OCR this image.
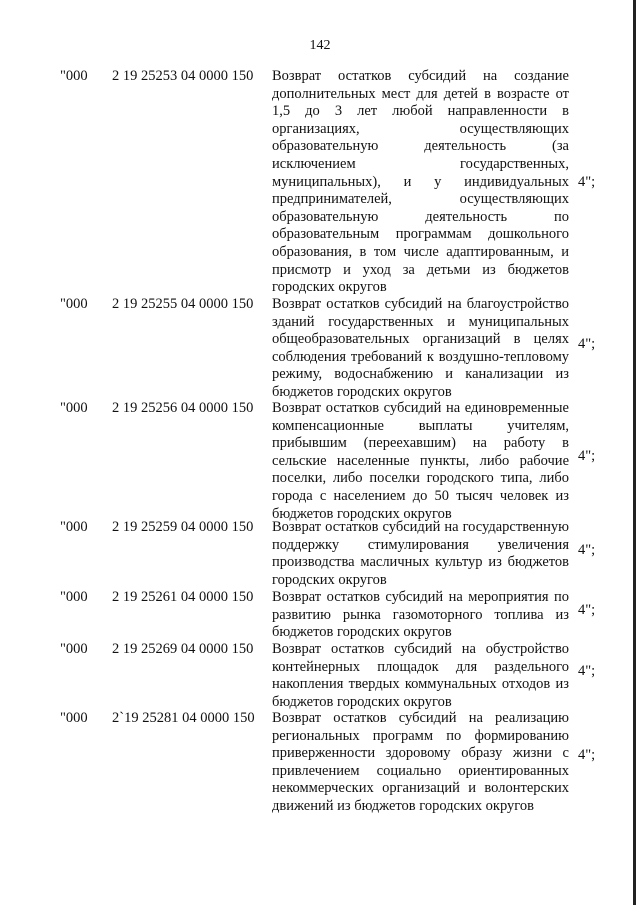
142
"000 2 19 25253 04 0000 150 Возврат остатков субсидий на создание дополнительных мест для детей в возрасте от 1,5 до 3 лет любой направленности в организациях, осуществляющих образовательную деятельность (за исключением государственных, муниципальных), и у индивидуальных предпринимателей, осуществляющих образовательную деятельность по образовательным программам дошкольного образования, в том числе адаптированным, и присмотр и уход за детьми из бюджетов городских округов
4";
"000 2 19 25255 04 0000 150 Возврат остатков субсидий на благоустройство зданий государственных и муниципальных общеобразовательных организаций в целях соблюдения требований к воздушно-тепловому режиму, водоснабжению и канализации из бюджетов городских округов
4";
"000 2 19 25256 04 0000 150 Возврат остатков субсидий на единовременные компенсационные выплаты учителям, прибывшим (переехавшим) на работу в сельские населенные пункты, либо рабочие поселки, либо поселки городского типа, либо города с населением до 50 тысяч человек из бюджетов городских округов
4";
"000 2 19 25259 04 0000 150 Возврат остатков субсидий на государственную поддержку стимулирования увеличения производства масличных культур из бюджетов городских округов
4";
"000 2 19 25261 04 0000 150 Возврат остатков субсидий на мероприятия по развитию рынка газомоторного топлива из бюджетов городских округов
4";
"000 2 19 25269 04 0000 150 Возврат остатков субсидий на обустройство контейнерных площадок для раздельного накопления твердых коммунальных отходов из бюджетов городских округов
4";
"000 2`19 25281 04 0000 150 Возврат остатков субсидий на реализацию региональных программ по формированию приверженности здоровому образу жизни с привлечением социально ориентированных некоммерческих организаций и волонтерских движений из бюджетов городских округов
4";
